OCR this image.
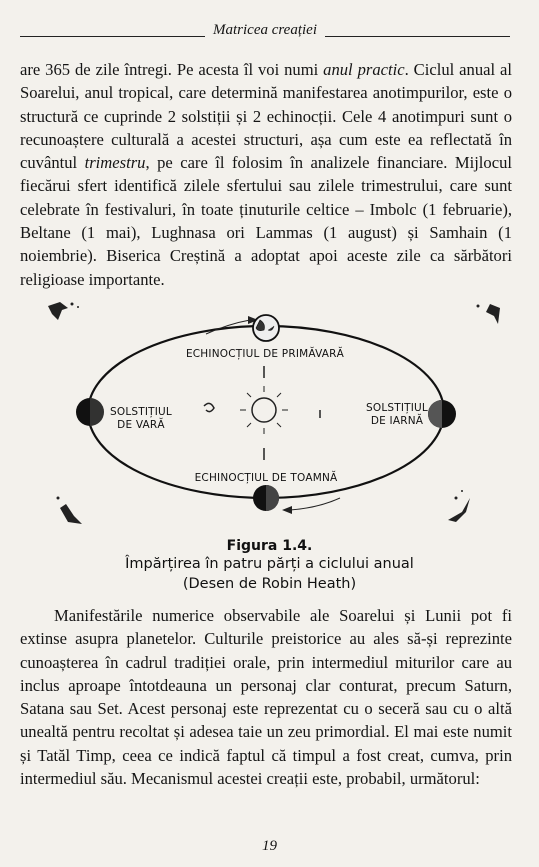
Matricea creației

are 365 de zile întregi. Pe acesta îl voi numi anul practic. Ciclul anual al Soarelui, anul tropical, care determină manifestarea anotimpurilor, este o structură ce cuprinde 2 solstiții și 2 echinocții. Cele 4 anotimpuri sunt o recunoaștere culturală a acestei structuri, așa cum este ea reflectată în cuvântul trimestru, pe care îl folosim în analizele financiare. Mijlocul fiecărui sfert identifică zilele sfertului sau zilele trimestrului, care sunt celebrate în festivaluri, în toate ținuturile celtice – Imbolc (1 februarie), Beltane (1 mai), Lughnasa ori Lammas (1 august) și Samhain (1 noiembrie). Biserica Creștină a adoptat apoi aceste zile ca sărbători religioase importante.

ECHINOCȚIUL DE PRIMĂVARĂ
SOLSTIȚIUL DE VARĂ
SOLSTIȚIUL DE IARNĂ
ECHINOCȚIUL DE TOAMNĂ
Figura 1.4.
Împărțirea în patru părți a ciclului anual
(Desen de Robin Heath)

Manifestările numerice observabile ale Soarelui și Lunii pot fi extinse asupra planetelor. Culturile preistorice au ales să-și reprezinte cunoașterea în cadrul tradiției orale, prin intermediul miturilor care au inclus aproape întotdeauna un personaj clar conturat, precum Saturn, Satana sau Set. Acest personaj este reprezentat cu o seceră sau cu o altă unealtă pentru recoltat și adesea taie un zeu primordial. El mai este numit și Tatăl Timp, ceea ce indică faptul că timpul a fost creat, cumva, prin intermediul său. Mecanismul acestei creații este, probabil, următorul:

19
